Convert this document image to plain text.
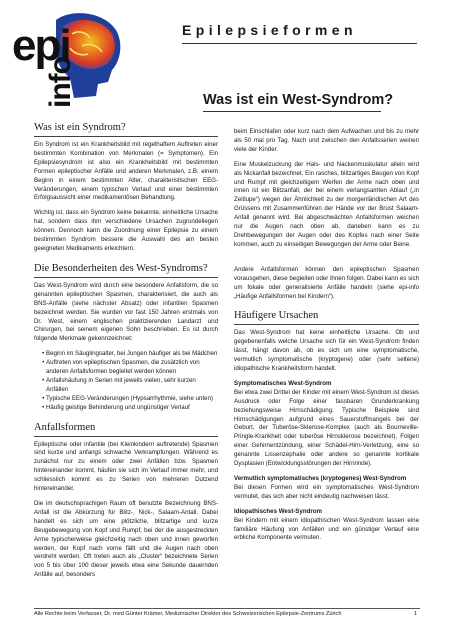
epi
info
Epilepsieformen
Was ist ein West-Syndrom?
Was ist ein Syndrom?

Ein Syndrom ist ein Krankheitsbild mit regelhaftem Auftreten einer bestimmten Kombination von Merkmalen (= Symptomen). Ein Epilepsiesyndrom ist also ein Krankheitsbild mit bestimmten Formen epileptischer Anfälle und anderen Merkmalen, z.B. einem Beginn in einem bestimmten Alter, charakteristischen EEG-Veränderungen, einem typischen Verlauf und einer bestimmten Erfolgsaussicht einer medikamentösen Behandlung.

Wichtig ist, dass ein Syndrom keine bekannte, einheitliche Ursache hat, sondern dass ihm verschiedene Ursachen zugrundeliegen können. Dennoch kann die Zuordnung einer Epilepsie zu einem bestimmten Syndrom bessere die Auswahl des am besten geeigneten Medikaments erleichtern.

Die Besonderheiten des West-Syndroms?

Das West-Syndrom wird durch eine besondere Anfallsform, die so genannten epileptischen Spasmen, charakterisiert, die auch als BNS-Anfälle (siehe nächster Absatz) oder infantilen Spasmen bezeichnet werden. Sie wurden vor fast 150 Jahren erstmals von Dr. West, einem englischen praktizierenden Landarzt und Chirurgen, bei seinem eigenen Sohn beschrieben. Es ist durch folgende Merkmale gekennzeichnet:

• Beginn im Säuglingsalter, bei Jungen häufiger als bei Mädchen
• Auftreten von epileptischen Spasmen, die zusätzlich von anderen Anfallsformen begleitet werden können
• Anfallshäufung in Serien mit jeweils vielen, sehr kurzen Anfällen
• Typische EEG-Veränderungen (Hypsarrhythmie, siehe unten)
• Häufig geistige Behinderung und ungünstiger Verlauf
Anfallsformen

Epileptische oder infantile (bei Kleinkindern auftretende) Spasmen sind kurze und anfangs schwache Verkrampfungen. Während es zunächst nur zu einem oder zwei Anfällen bzw. Spasmen hintereinander kommt, häufen sie sich im Verlauf immer mehr, und schliesslich kommt es zu Serien von mehreren Dutzend hintereinander.

Die im deutschsprachigen Raum oft benutzte Bezeichnung BNS-Anfall ist die Abkürzung für Blitz-, Nick-, Salaam-Antall. Dabei handelt es sich um eine plötzliche, blitzartige und kurze Beugebewegung von Kopf und Rumpf, bei der die ausgestreckten Arme typischerweise gleichzeitig nach oben und innen geworfen werden, der Kopf nach vorne fällt und die Augen nach oben verdreht werden. Oft treten auch als „Cluster“ bezeichnete Serien von 5 bis über 100 dieser jeweils etwa eine Sekunde dauernden Anfälle auf, besonders

beim Einschlafen oder kurz nach dem Aufwachen und bis zu mehr als 50 mal pro Tag. Nach und zwischen den Anfallsserien weinen viele der Kinder.

Eine Muskelzuckung der Hals- und Nackenmuskulatur allein wird als Nickanfall bezeichnet. Ein rasches, blitzartiges Beugen von Kopf und Rumpf mit gleichzeitigem Werfen der Arme nach oben und innen ist ein Blitzanfall, der bei einem verlangsamten Ablauf („in Zeitlupe“) wegen der Ähnlichkeit zu der morgenländischen Art des Grüssens mit Zusammenführen der Hände vor der Brust Salaam-Anfall genannt wird. Bei abgeschwächten Anfallsformen weichen nur die Augen nach oben ab, daneben kann es zu Drehbewegungen der Augen oder des Kopfes nach einer Seite kommen, auch zu einseitigen Bewegungen der Arme oder Beine.

Andere Anfallsformen können den epileptischen Spasmen vorausgehen, diese begleiten oder ihnen folgen. Dabei kann es sich um fokale oder generalisierte Anfälle handeln (siehe epi-info „Häufige Anfallsformen bei Kindern“).

Häufigere Ursachen

Das West-Syndrom hat keine einheitliche Ursache. Ob und gegebenenfalls welche Ursache sich für ein West-Syndrom finden lässt, hängt davon ab, ob es sich um eine symptomatische, vermutlich symptomatische (kryptogene) oder (sehr seltene) idiopathische Krankheitsform handelt.

Symptomatisches West-Syndrom

Bei etwa zwei Drittel der Kinder mit einem West-Syndrom ist dieses Ausdruck oder Folge einer fassbaren Grunderkrankung beziehungsweise Hirnschädigung. Typische Beispiele sind Hirnschädigungen aufgrund eines Sauerstoffmangels bei der Geburt, der Tuberöse-Sklerose-Komplex (auch als Bourneville-Pringle-Krankheit oder tuberöse Hirnsklerose bezeichnet), Folgen einer Gehirnentzündung, einer Schädel-Hirn-Verletzung, eine so genannte Lissenzephalie oder andere so genannte kortikale Dysplasien (Entwicklungsstörungen der Hirnrinde).

Vermutlich symptomatisches (kryptogenes) West-Syndrom

Bei diesen Formen wird ein symptomatisches West-Syndrom vermutet, das sich aber nicht eindeutig nachweisen lässt.

Idiopathisches West-Syndrom

Bei Kindern mit einem idiopathischen West-Syndrom lassen eine familiäre Häufung von Anfällen und ein günstiger Verlauf eine erbliche Komponente vermuten.

Alle Rechte beim Verfasser, Dr. med Günter Krämer, Medizinischer Direktor des Schweizerischen Epilepsie-Zentrums Zürich	1
